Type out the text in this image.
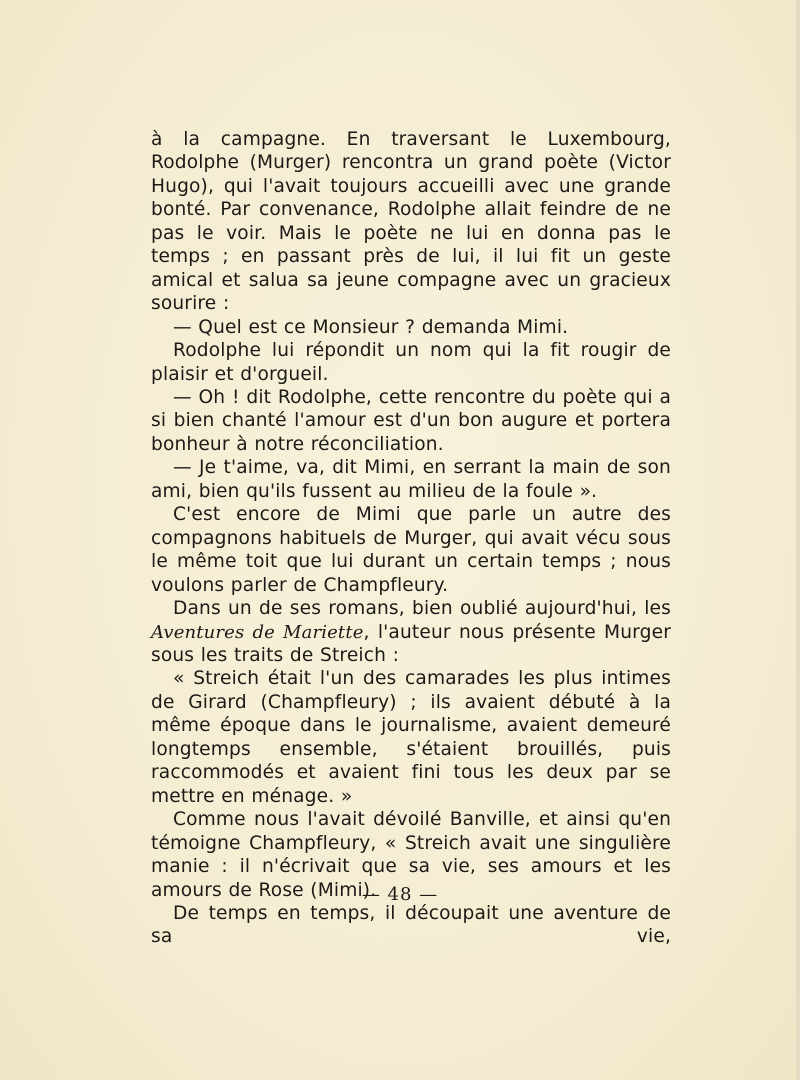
à la campagne. En traversant le Luxembourg, Rodolphe (Murger) rencontra un grand poète (Victor Hugo), qui l'avait toujours accueilli avec une grande bonté. Par convenance, Rodolphe allait feindre de ne pas le voir. Mais le poète ne lui en donna pas le temps ; en passant près de lui, il lui fit un geste amical et salua sa jeune compagne avec un gracieux sourire :

— Quel est ce Monsieur ? demanda Mimi.

Rodolphe lui répondit un nom qui la fit rougir de plaisir et d'orgueil.

— Oh ! dit Rodolphe, cette rencontre du poète qui a si bien chanté l'amour est d'un bon augure et portera bonheur à notre réconciliation.

— Je t'aime, va, dit Mimi, en serrant la main de son ami, bien qu'ils fussent au milieu de la foule ».

C'est encore de Mimi que parle un autre des compagnons habituels de Murger, qui avait vécu sous le même toit que lui durant un certain temps ; nous voulons parler de Champfleury.

Dans un de ses romans, bien oublié aujourd'hui, les Aventures de Mariette, l'auteur nous présente Murger sous les traits de Streich :

« Streich était l'un des camarades les plus intimes de Girard (Champfleury) ; ils avaient débuté à la même époque dans le journalisme, avaient demeuré longtemps ensemble, s'étaient brouillés, puis raccommodés et avaient fini tous les deux par se mettre en ménage. »

Comme nous l'avait dévoilé Banville, et ainsi qu'en témoigne Champfleury, « Streich avait une singulière manie : il n'écrivait que sa vie, ses amours et les amours de Rose (Mimi).

De temps en temps, il découpait une aventure de sa vie,

— 48 —
